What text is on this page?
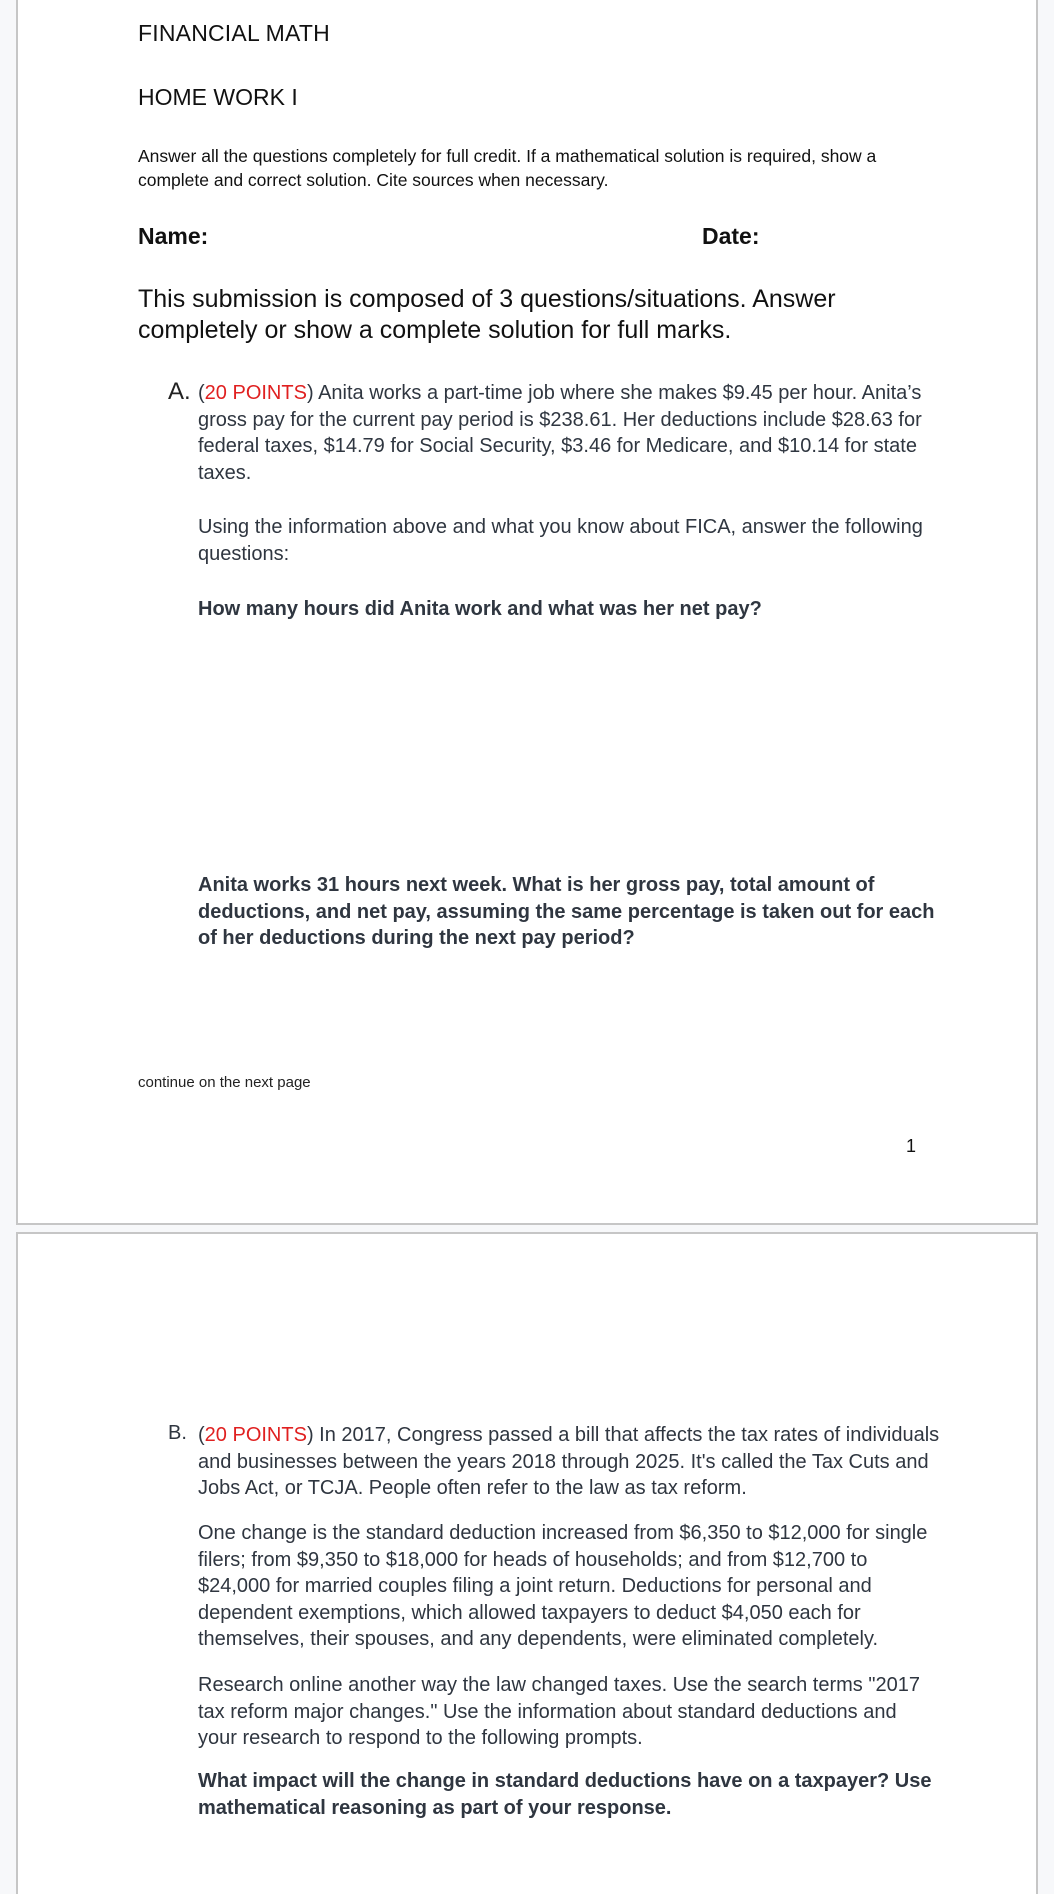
FINANCIAL MATH
HOME WORK I

Answer all the questions completely for full credit. If a mathematical solution is required, show a complete and correct solution. Cite sources when necessary.

Name:	Date:

This submission is composed of 3 questions/situations. Answer completely or show a complete solution for full marks.

A. (20 POINTS) Anita works a part-time job where she makes $9.45 per hour. Anita’s gross pay for the current pay period is $238.61. Her deductions include $28.63 for federal taxes, $14.79 for Social Security, $3.46 for Medicare, and $10.14 for state taxes.

Using the information above and what you know about FICA, answer the following questions:

How many hours did Anita work and what was her net pay?

Anita works 31 hours next week. What is her gross pay, total amount of deductions, and net pay, assuming the same percentage is taken out for each of her deductions during the next pay period?

continue on the next page
1
B. (20 POINTS) In 2017, Congress passed a bill that affects the tax rates of individuals and businesses between the years 2018 through 2025. It's called the Tax Cuts and Jobs Act, or TCJA. People often refer to the law as tax reform.

One change is the standard deduction increased from $6,350 to $12,000 for single filers; from $9,350 to $18,000 for heads of households; and from $12,700 to $24,000 for married couples filing a joint return. Deductions for personal and dependent exemptions, which allowed taxpayers to deduct $4,050 each for themselves, their spouses, and any dependents, were eliminated completely.

Research online another way the law changed taxes. Use the search terms "2017 tax reform major changes." Use the information about standard deductions and your research to respond to the following prompts.

What impact will the change in standard deductions have on a taxpayer? Use mathematical reasoning as part of your response.
